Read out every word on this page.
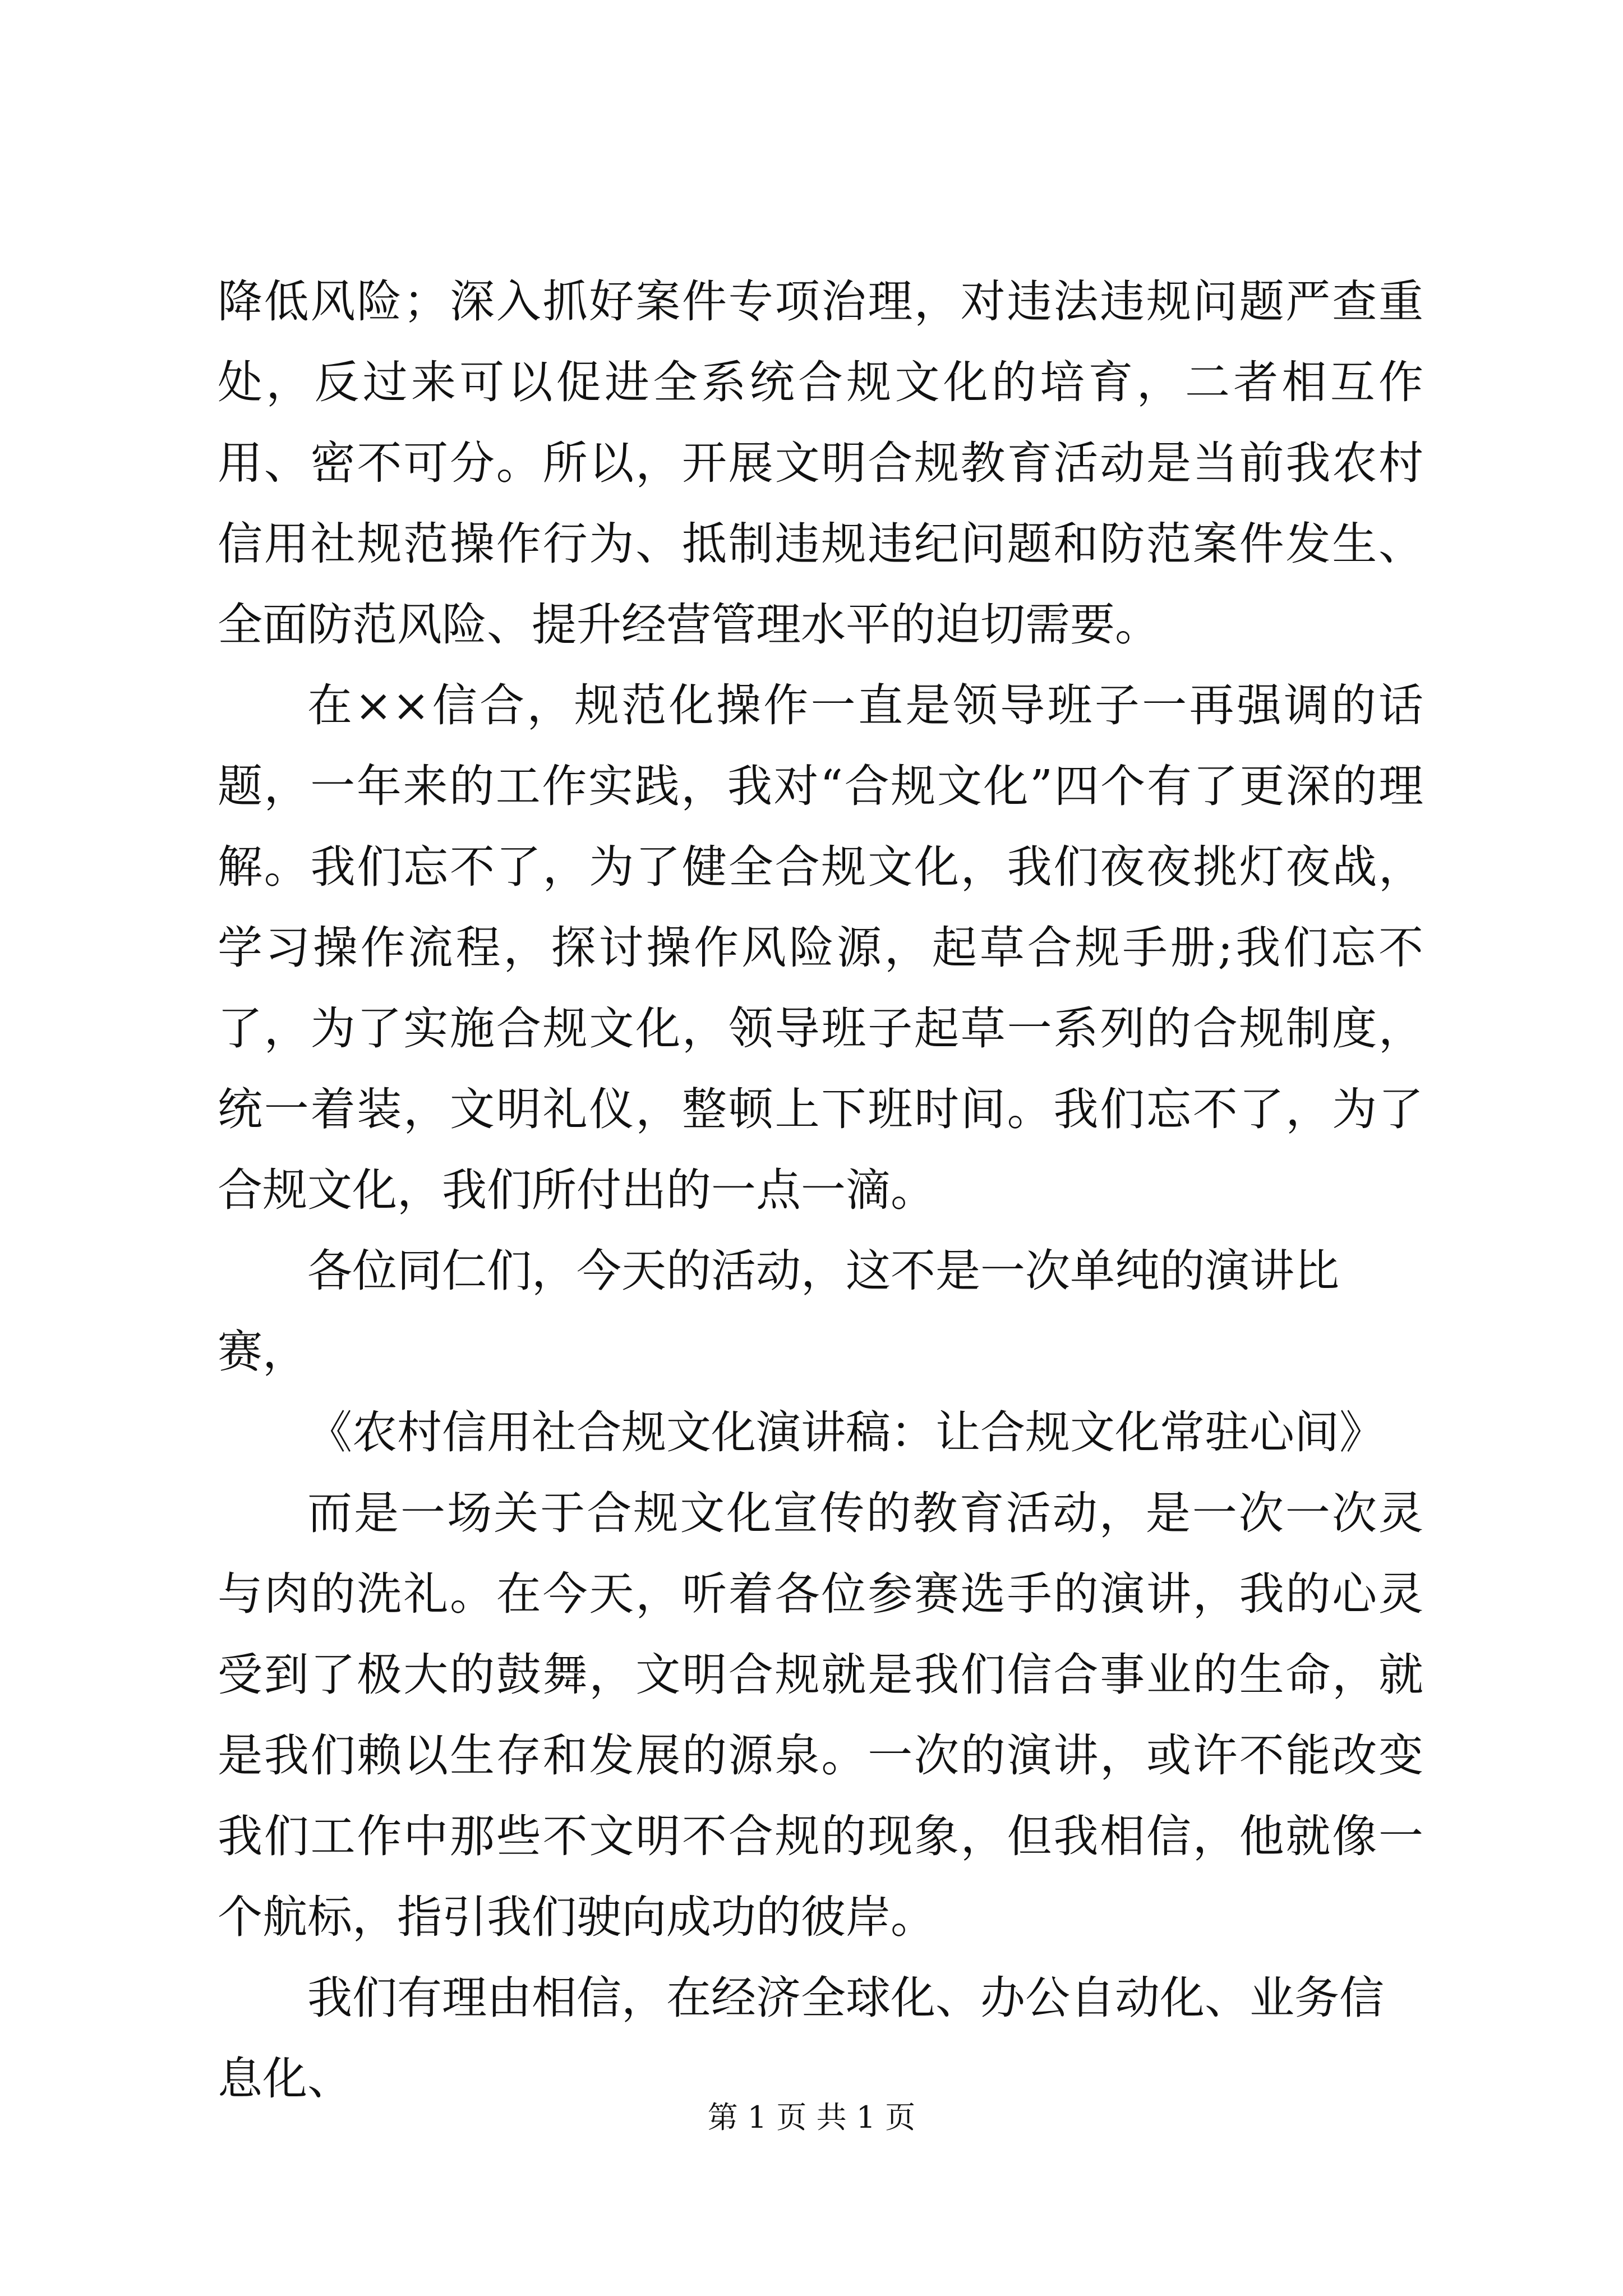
降低风险；深入抓好案件专项治理，对违法违规问题严查重处，反过来可以促进全系统合规文化的培育，二者相互作用、密不可分。所以，开展文明合规教育活动是当前我农村信用社规范操作行为、抵制违规违纪问题和防范案件发生、全面防范风险、提升经营管理水平的迫切需要。

在××信合，规范化操作一直是领导班子一再强调的话题，一年来的工作实践，我对“合规文化”四个有了更深的理解。我们忘不了，为了健全合规文化，我们夜夜挑灯夜战，学习操作流程，探讨操作风险源，起草合规手册;我们忘不了，为了实施合规文化，领导班子起草一系列的合规制度，统一着装，文明礼仪，整顿上下班时间。我们忘不了，为了合规文化，我们所付出的一点一滴。

各位同仁们，今天的活动，这不是一次单纯的演讲比赛，

《农村信用社合规文化演讲稿：让合规文化常驻心间》

而是一场关于合规文化宣传的教育活动，是一次一次灵与肉的洗礼。在今天，听着各位参赛选手的演讲，我的心灵受到了极大的鼓舞，文明合规就是我们信合事业的生命，就是我们赖以生存和发展的源泉。一次的演讲，或许不能改变我们工作中那些不文明不合规的现象，但我相信，他就像一个航标，指引我们驶向成功的彼岸。

我们有理由相信，在经济全球化、办公自动化、业务信息化、

第 1 页 共 1 页
